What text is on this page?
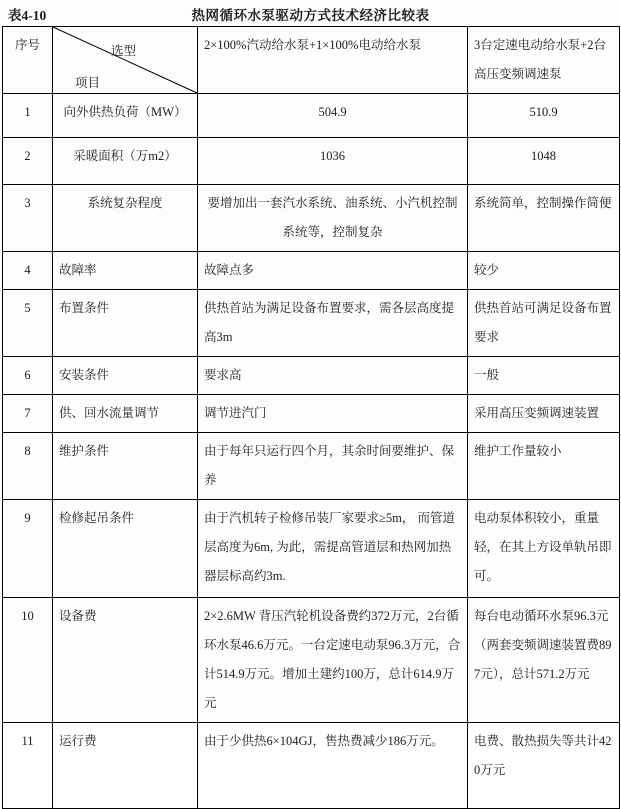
表4-10	热网循环水泵驱动方式技术经济比较表
序号	选型
项目	2×100%汽动给水泵+1×100%电动给水泵	3台定速电动给水泵+2台高压变频调速泵
1	向外供热负荷（MW）	504.9	510.9
2	采暖面积（万m2）	1036	1048
3	系统复杂程度	要增加出一套汽水系统、油系统、小汽机控制系统等，控制复杂	系统简单，控制操作简便
4	故障率	故障点多	较少
5	布置条件	供热首站为满足设备布置要求，需各层高度提高3m	供热首站可满足设备布置要求
6	安装条件	要求高	一般
7	供、回水流量调节	调节进汽门	采用高压变频调速装置
8	维护条件	由于每年只运行四个月，其余时间要维护、保养	维护工作量较小
9	检修起吊条件	由于汽机转子检修吊装厂家要求≥5m， 而管道层高度为6m, 为此，需提高管道层和热网加热器层标高约3m.	电动泵体积较小，重量轻，在其上方设单轨吊即可。
10	设备费	2×2.6MW 背压汽轮机设备费约372万元，2台循环水泵46.6万元。一台定速电动泵96.3万元，合计514.9万元。增加土建约100万，总计614.9万元	每台电动循环水泵96.3元（两套变频调速装置费897元），总计571.2万元
11	运行费	由于少供热6×104GJ，售热费减少186万元。	电费、散热损失等共计420万元
